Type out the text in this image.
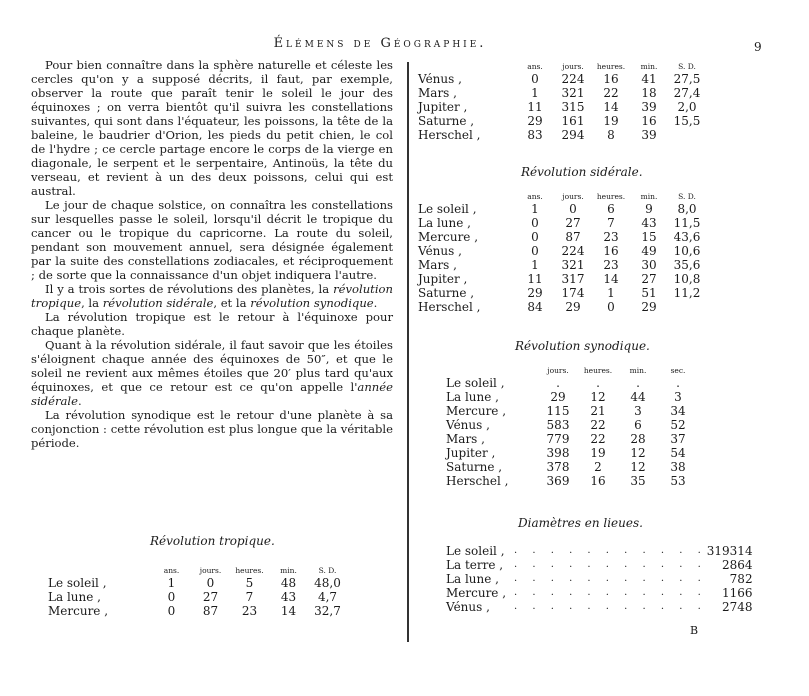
Élémens de Géographie.	9

Pour bien connaître dans la sphère naturelle et céleste les cercles qu'on y a supposé décrits, il faut, par exemple, observer la route que paraît tenir le soleil le jour des équinoxes ; on verra bientôt qu'il suivra les constellations suivantes, qui sont dans l'équateur, les poissons, la tête de la baleine, le baudrier d'Orion, les pieds du petit chien, le col de l'hydre ; ce cercle partage encore le corps de la vierge en diagonale, le serpent et le serpentaire, Antinoüs, la tête du verseau, et revient à un des deux poissons, celui qui est austral.

Le jour de chaque solstice, on connaîtra les constellations sur lesquelles passe le soleil, lorsqu'il décrit le tropique du cancer ou le tropique du capricorne. La route du soleil, pendant son mouvement annuel, sera désignée également par la suite des constellations zodiacales, et réciproquement ; de sorte que la connaissance d'un objet indiquera l'autre.

Il y a trois sortes de révolutions des planètes, la révolution tropique, la révolution sidérale, et la révolution synodique.

La révolution tropique est le retour à l'équinoxe pour chaque planète.

Quant à la révolution sidérale, il faut savoir que les étoiles s'éloignent chaque année des équinoxes de 50″, et que le soleil ne revient aux mêmes étoiles que 20′ plus tard qu'aux équinoxes, et que ce retour est ce qu'on appelle l'année sidérale.

La révolution synodique est le retour d'une planète à sa conjonction : cette révolution est plus longue que la véritable période.

Révolution tropique.
	ans.	jours.	heures.	min.	S. D.
Le soleil ,	1	0	5	48	48,0
La lune ,	0	27	7	43	4,7
Mercure ,	0	87	23	14	32,7
	ans.	jours.	heures.	min.	S. D.
Vénus ,	0	224	16	41	27,5
Mars ,	1	321	22	18	27,4
Jupiter ,	11	315	14	39	2,0
Saturne ,	29	161	19	16	15,5
Herschel ,	83	294	8	39	
Révolution sidérale.
	ans.	jours.	heures.	min.	S. D.
Le soleil ,	1	0	6	9	8,0
La lune ,	0	27	7	43	11,5
Mercure ,	0	87	23	15	43,6
Vénus ,	0	224	16	49	10,6
Mars ,	1	321	23	30	35,6
Jupiter ,	11	317	14	27	10,8
Saturne ,	29	174	1	51	11,2
Herschel ,	84	29	0	29	
Révolution synodique.
	jours.	heures.	min.	sec.
Le soleil ,	.	.	.	.
La lune ,	29	12	44	3
Mercure ,	115	21	3	34
Vénus ,	583	22	6	52
Mars ,	779	22	28	37
Jupiter ,	398	19	12	54
Saturne ,	378	2	12	38
Herschel ,	369	16	35	53
Diamètres en lieues.
Le soleil ,	. . . . . . . . . . .	319314
La terre ,	. . . . . . . . . . .	2864
La lune ,	. . . . . . . . . . .	782
Mercure ,	. . . . . . . . . . .	1166
Vénus ,	. . . . . . . . . . .	2748
B
